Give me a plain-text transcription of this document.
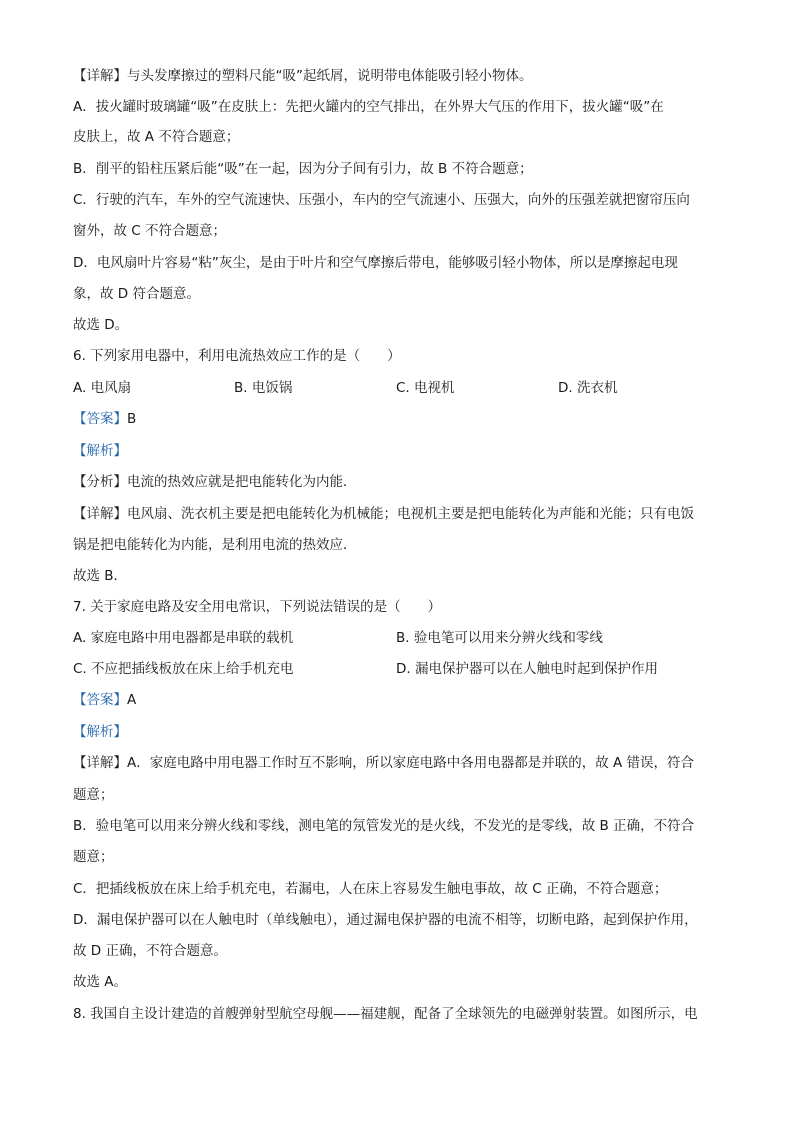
【详解】与头发摩擦过的塑料尺能“吸”起纸屑，说明带电体能吸引轻小物体。
A．拔火罐时玻璃罐“吸”在皮肤上：先把火罐内的空气排出，在外界大气压的作用下，拔火罐“吸”在
皮肤上，故 A 不符合题意；
B．削平的铅柱压紧后能“吸”在一起，因为分子间有引力，故 B 不符合题意；
C．行驶的汽车，车外的空气流速快、压强小，车内的空气流速小、压强大，向外的压强差就把窗帘压向
窗外，故 C 不符合题意；
D．电风扇叶片容易“粘”灰尘，是由于叶片和空气摩擦后带电，能够吸引轻小物体，所以是摩擦起电现
象，故 D 符合题意。
故选 D。
6. 下列家用电器中，利用电流热效应工作的是（　　）
A. 电风扇	B. 电饭锅	C. 电视机	D. 洗衣机
【答案】B
【解析】
【分析】电流的热效应就是把电能转化为内能．
【详解】电风扇、洗衣机主要是把电能转化为机械能；电视机主要是把电能转化为声能和光能；只有电饭
锅是把电能转化为内能，是利用电流的热效应．
故选 B．
7. 关于家庭电路及安全用电常识，下列说法错误的是（　　）
A. 家庭电路中用电器都是串联的载机	B. 验电笔可以用来分辨火线和零线
C. 不应把插线板放在床上给手机充电	D. 漏电保护器可以在人触电时起到保护作用
【答案】A
【解析】
【详解】A．家庭电路中用电器工作时互不影响，所以家庭电路中各用电器都是并联的，故 A 错误，符合
题意；
B．验电笔可以用来分辨火线和零线，测电笔的氖管发光的是火线，不发光的是零线，故 B 正确，不符合
题意；
C．把插线板放在床上给手机充电，若漏电，人在床上容易发生触电事故，故 C 正确，不符合题意；
D．漏电保护器可以在人触电时（单线触电），通过漏电保护器的电流不相等，切断电路，起到保护作用，
故 D 正确，不符合题意。
故选 A。
8. 我国自主设计建造的首艘弹射型航空母舰——福建舰，配备了全球领先的电磁弹射装置。如图所示，电
